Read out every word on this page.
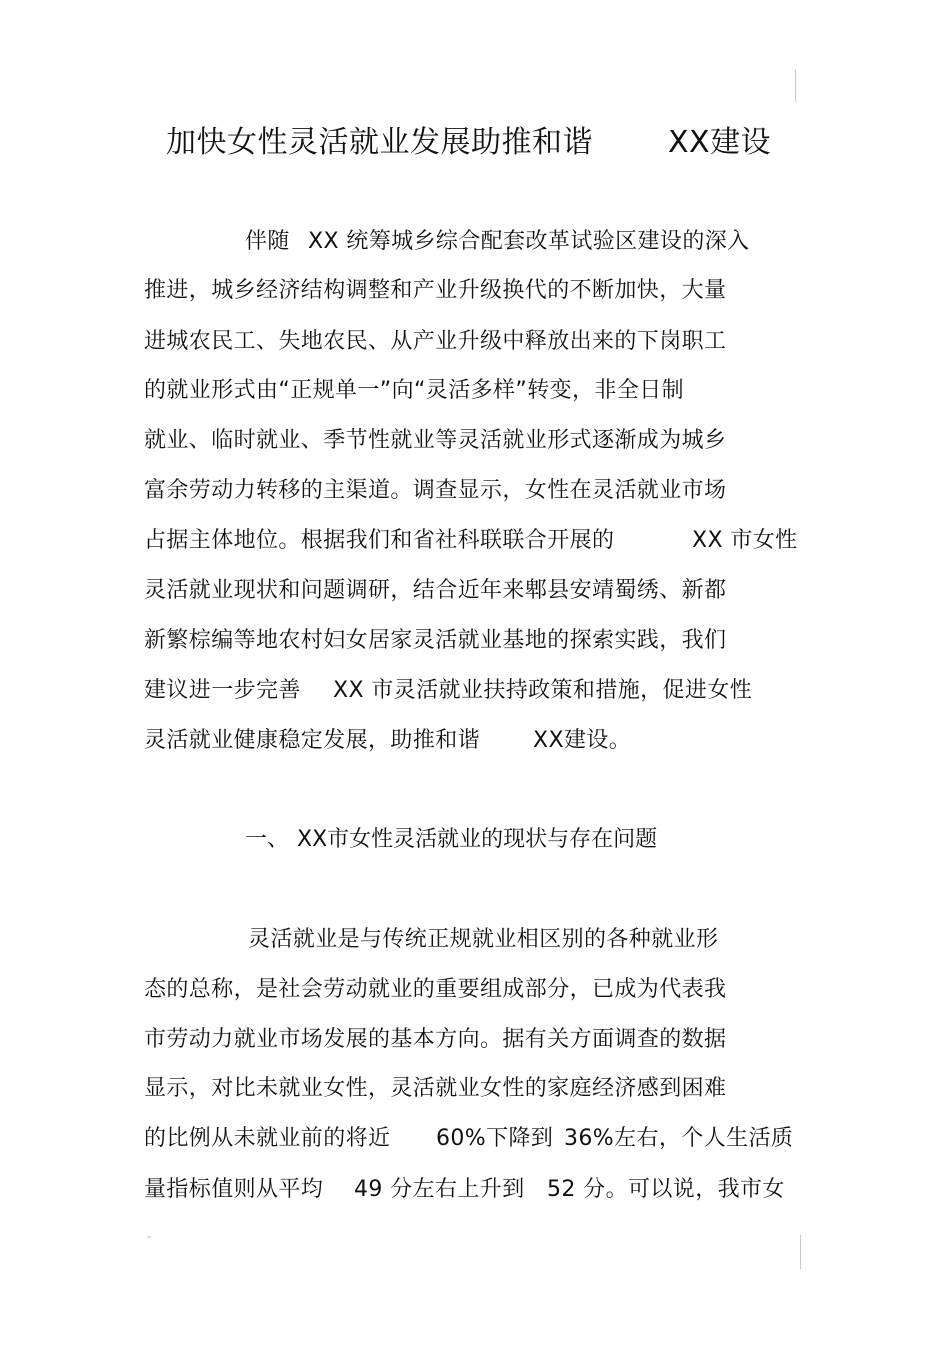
加快女性灵活就业发展助推和谐	XX建设
伴随 XX 统筹城乡综合配套改革试验区建设的深入
推进，城乡经济结构调整和产业升级换代的不断加快，大量
进城农民工、失地农民、从产业升级中释放出来的下岗职工
的就业形式由“正规单一”向“灵活多样”转变，非全日制
就业、临时就业、季节性就业等灵活就业形式逐渐成为城乡
富余劳动力转移的主渠道。调查显示，女性在灵活就业市场
占据主体地位。根据我们和省社科联联合开展的	XX 市女性
灵活就业现状和问题调研，结合近年来郫县安靖蜀绣、新都
新繁棕编等地农村妇女居家灵活就业基地的探索实践，我们
建议进一步完善 XX 市灵活就业扶持政策和措施，促进女性
灵活就业健康稳定发展，助推和谐 XX建设。
一、 XX市女性灵活就业的现状与存在问题
灵活就业是与传统正规就业相区别的各种就业形
态的总称，是社会劳动就业的重要组成部分，已成为代表我
市劳动力就业市场发展的基本方向。据有关方面调查的数据
显示，对比未就业女性，灵活就业女性的家庭经济感到困难
的比例从未就业前的将近 60%下降到 36%左右，个人生活质
量指标值则从平均 49 分左右上升到 52 分。可以说，我市女
